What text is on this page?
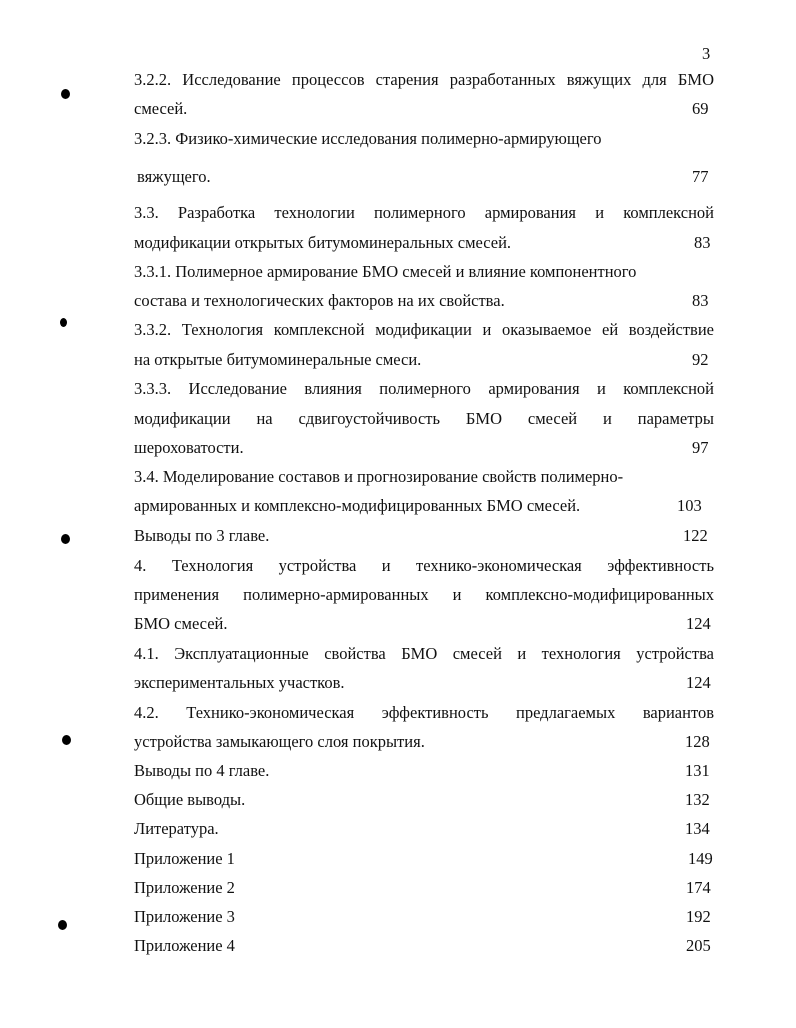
3
3.2.2. Исследование процессов старения разработанных вяжущих для БМО
смесей.	69
3.2.3. Физико-химические исследования полимерно-армирующего
вяжущего.	77
3.3. Разработка технологии полимерного армирования и комплексной
модификации открытых битумоминеральных смесей.	83
3.3.1. Полимерное армирование БМО смесей и влияние компонентного
состава и технологических факторов на их свойства.	83
3.3.2. Технология комплексной модификации и оказываемое ей воздействие
на открытые битумоминеральные смеси.	92
3.3.3. Исследование влияния полимерного армирования и комплексной
модификации на сдвигоустойчивость БМО смесей и параметры
шероховатости.	97
3.4. Моделирование составов и прогнозирование свойств полимерно-
армированных и комплексно-модифицированных БМО смесей.	103
Выводы по 3 главе.	122
4. Технология устройства и технико-экономическая эффективность
применения полимерно-армированных и комплексно-модифицированных
БМО смесей.	124
4.1. Эксплуатационные свойства БМО смесей и технология устройства
экспериментальных участков.	124
4.2. Технико-экономическая эффективность предлагаемых вариантов
устройства замыкающего слоя покрытия.	128
Выводы по 4 главе.	131
Общие выводы.	132
Литература.	134
Приложение 1	149
Приложение 2	174
Приложение 3	192
Приложение 4	205
